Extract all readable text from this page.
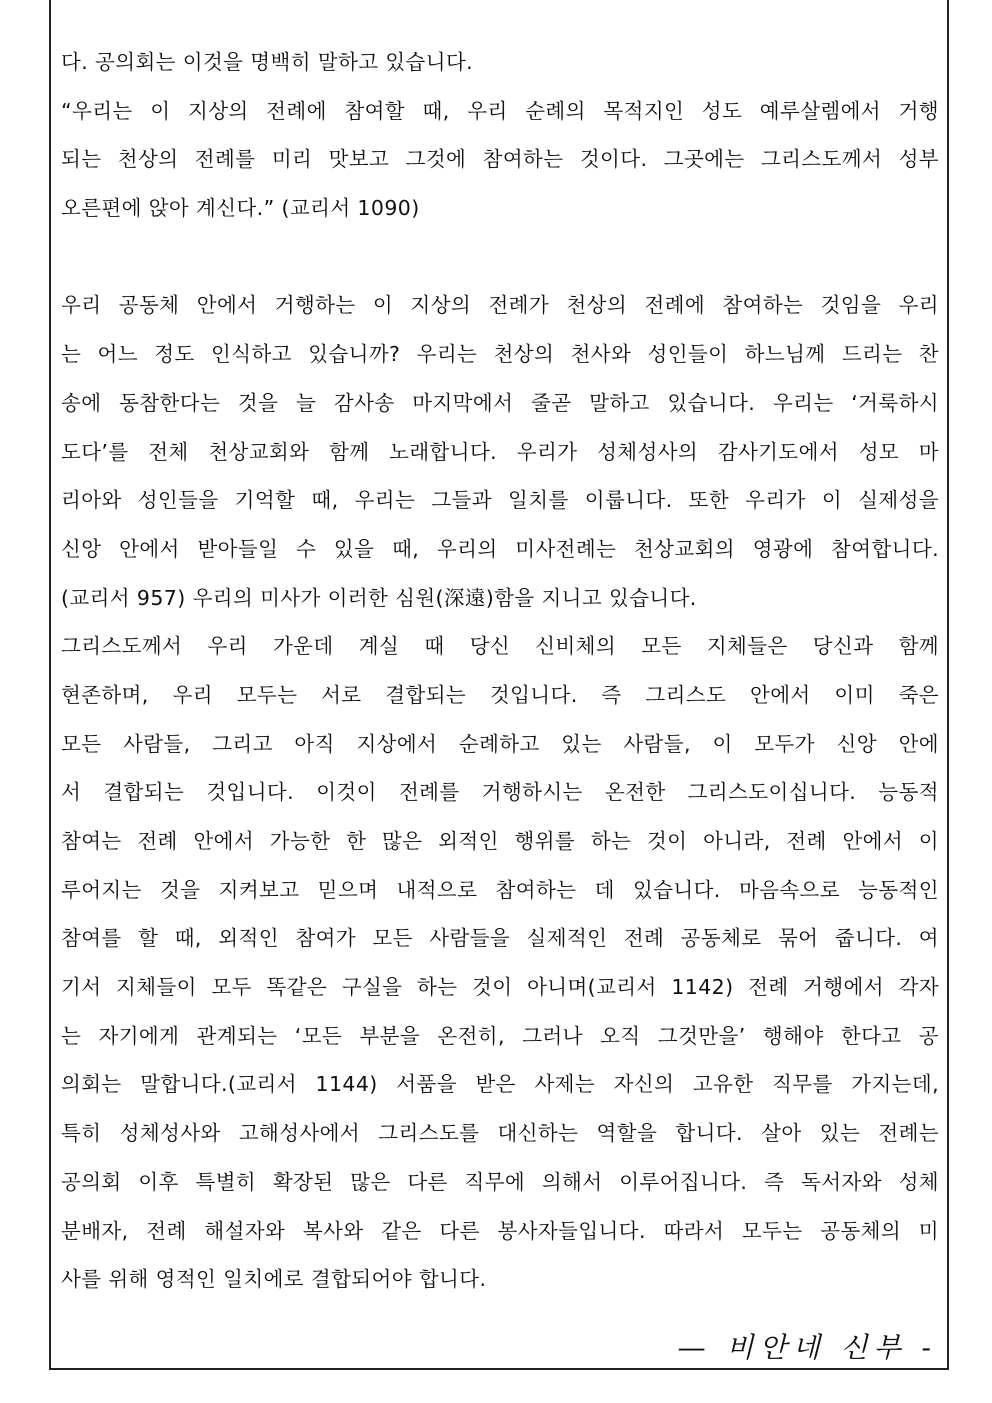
다. 공의회는 이것을 명백히 말하고 있습니다.
“우리는 이 지상의 전례에 참여할 때, 우리 순례의 목적지인 성도 예루살렘에서 거행
되는 천상의 전례를 미리 맛보고 그것에 참여하는 것이다. 그곳에는 그리스도께서 성부
오른편에 앉아 계신다.” (교리서 1090)
우리 공동체 안에서 거행하는 이 지상의 전례가 천상의 전례에 참여하는 것임을 우리
는 어느 정도 인식하고 있습니까? 우리는 천상의 천사와 성인들이 하느님께 드리는 찬
송에 동참한다는 것을 늘 감사송 마지막에서 줄곧 말하고 있습니다. 우리는 ‘거룩하시
도다’를 전체 천상교회와 함께 노래합니다. 우리가 성체성사의 감사기도에서 성모 마
리아와 성인들을 기억할 때, 우리는 그들과 일치를 이룹니다. 또한 우리가 이 실제성을
신앙 안에서 받아들일 수 있을 때, 우리의 미사전례는 천상교회의 영광에 참여합니다.
(교리서 957) 우리의 미사가 이러한 심원(深遠)함을 지니고 있습니다.
그리스도께서 우리 가운데 계실 때 당신 신비체의 모든 지체들은 당신과 함께
현존하며, 우리 모두는 서로 결합되는 것입니다. 즉 그리스도 안에서 이미 죽은
모든 사람들, 그리고 아직 지상에서 순례하고 있는 사람들, 이 모두가 신앙 안에
서 결합되는 것입니다. 이것이 전례를 거행하시는 온전한 그리스도이십니다. 능동적
참여는 전례 안에서 가능한 한 많은 외적인 행위를 하는 것이 아니라, 전례 안에서 이
루어지는 것을 지켜보고 믿으며 내적으로 참여하는 데 있습니다. 마음속으로 능동적인
참여를 할 때, 외적인 참여가 모든 사람들을 실제적인 전례 공동체로 묶어 줍니다. 여
기서 지체들이 모두 똑같은 구실을 하는 것이 아니며(교리서 1142) 전례 거행에서 각자
는 자기에게 관계되는 ‘모든 부분을 온전히, 그러나 오직 그것만을’ 행해야 한다고 공
의회는 말합니다.(교리서 1144) 서품을 받은 사제는 자신의 고유한 직무를 가지는데,
특히 성체성사와 고해성사에서 그리스도를 대신하는 역할을 합니다. 살아 있는 전례는
공의회 이후 특별히 확장된 많은 다른 직무에 의해서 이루어집니다. 즉 독서자와 성체
분배자, 전례 해설자와 복사와 같은 다른 봉사자들입니다. 따라서 모두는 공동체의 미
사를 위해 영적인 일치에로 결합되어야 합니다.
— 비안네 신부 -
